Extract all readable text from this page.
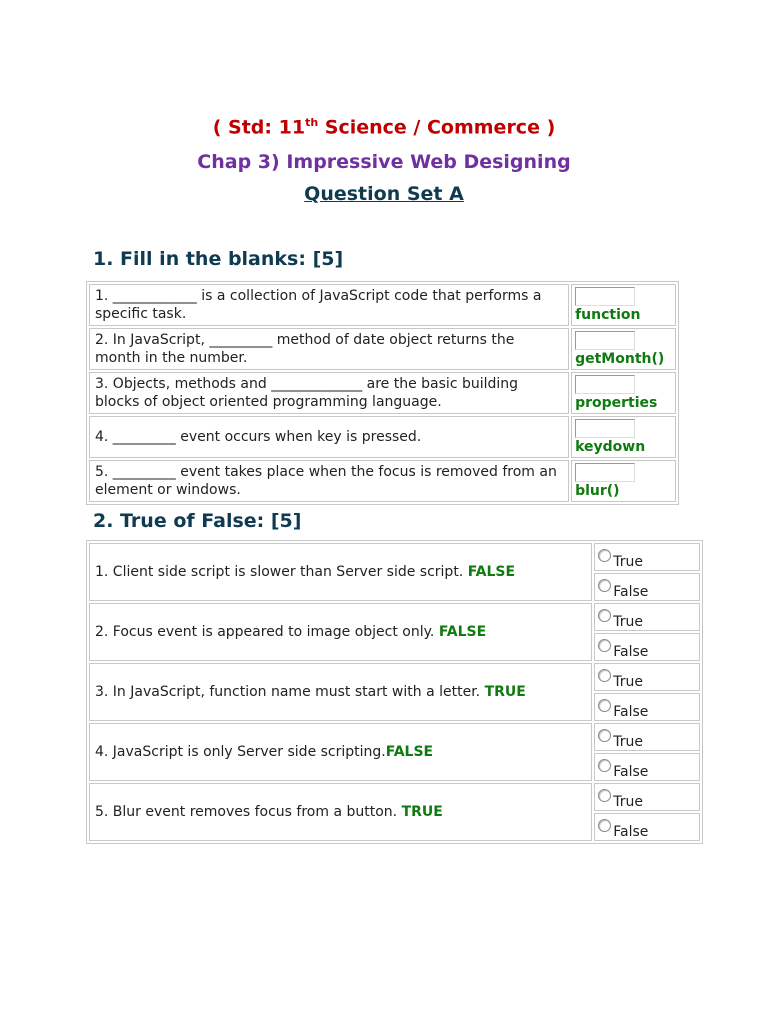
( Std: 11th Science / Commerce )
Chap 3) Impressive Web Designing
Question Set A
1. Fill in the blanks: [5]
1. ____________ is a collection of JavaScript code that performs a specific task.	function

2. In JavaScript, _________ method of date object returns the month in the number.	getMonth()

3. Objects, methods and _____________ are the basic building blocks of object oriented programming language.	properties

4. _________ event occurs when key is pressed.	keydown

5. _________ event takes place when the focus is removed from an element or windows.	blur()
2. True of False: [5]
1. Client side script is slower than Server side script. FALSE	True
	False
2. Focus event is appeared to image object only. FALSE	True
	False
3. In JavaScript, function name must start with a letter. TRUE	True
	False
4. JavaScript is only Server side scripting.FALSE	True
	False
5. Blur event removes focus from a button. TRUE	True
	False
